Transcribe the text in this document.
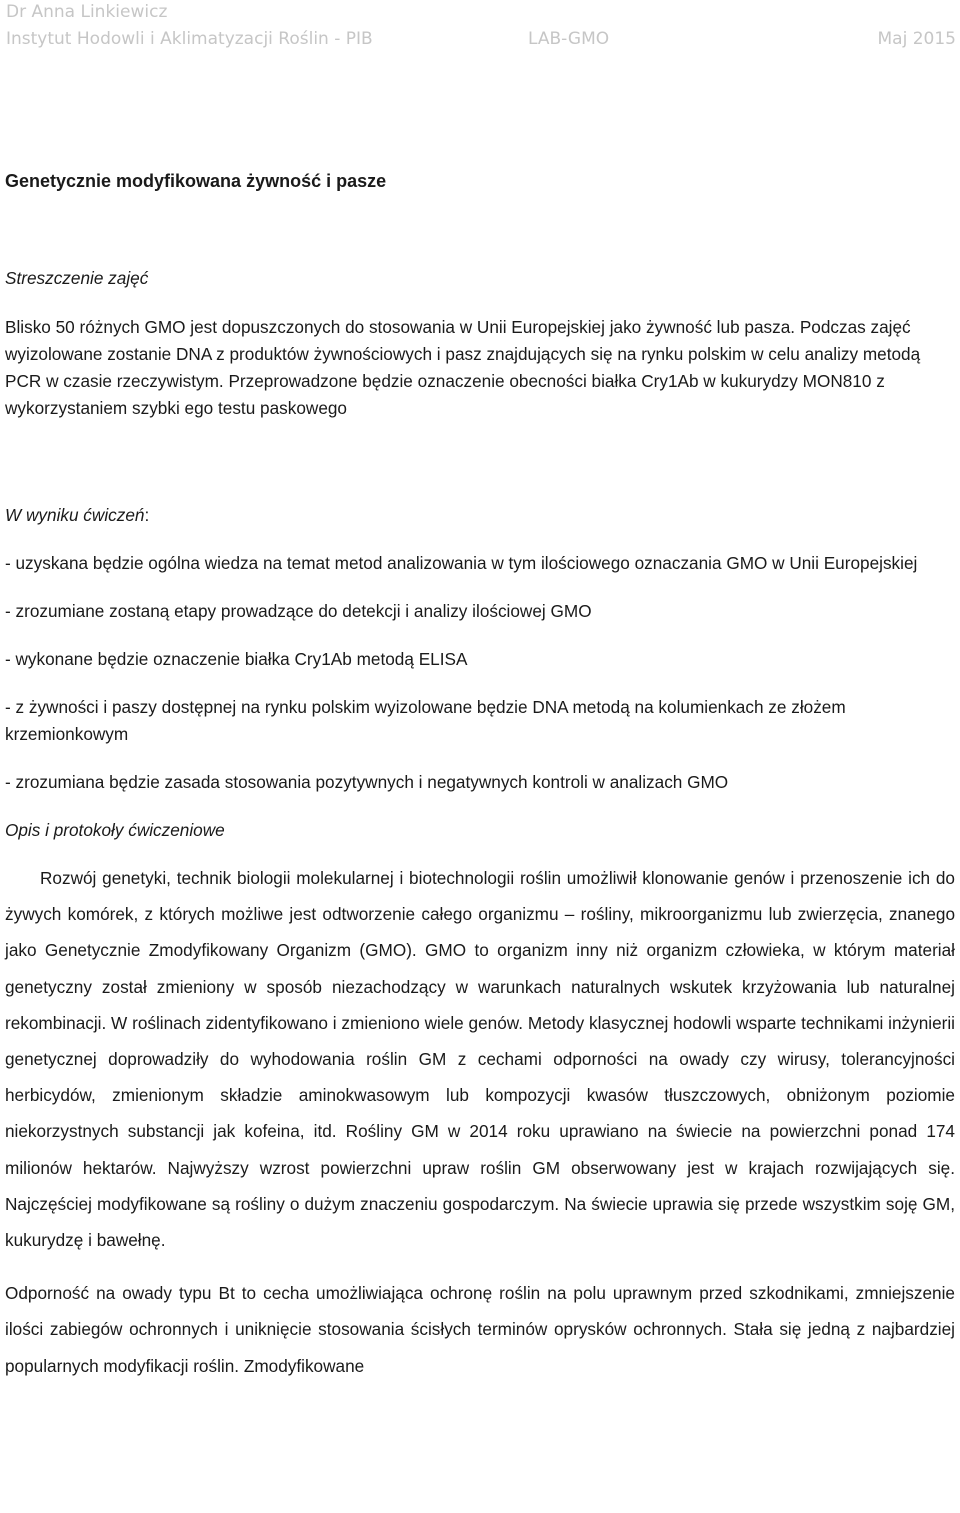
Dr Anna Linkiewicz
Instytut Hodowli i Aklimatyzacji Roślin - PIB	LAB-GMO	Maj 2015

Genetycznie modyfikowana żywność i pasze

Streszczenie zajęć

Blisko 50 różnych GMO jest dopuszczonych do stosowania w Unii Europejskiej jako żywność lub pasza. Podczas zajęć wyizolowane zostanie DNA z produktów żywnościowych i pasz znajdujących się na rynku polskim w celu analizy metodą PCR w czasie rzeczywistym. Przeprowadzone będzie oznaczenie obecności białka Cry1Ab w kukurydzy MON810 z wykorzystaniem szybki ego testu paskowego

W wyniku ćwiczeń:

- uzyskana będzie ogólna wiedza na temat metod analizowania w tym ilościowego oznaczania GMO w Unii Europejskiej

- zrozumiane zostaną etapy prowadzące do detekcji i analizy ilościowej GMO

- wykonane będzie oznaczenie białka Cry1Ab metodą ELISA

- z żywności i paszy dostępnej na rynku polskim wyizolowane będzie DNA metodą na kolumienkach ze złożem krzemionkowym

- zrozumiana będzie zasada stosowania pozytywnych i negatywnych kontroli w analizach GMO

Opis i protokoły ćwiczeniowe

Rozwój genetyki, technik biologii molekularnej i biotechnologii roślin umożliwił klonowanie genów i przenoszenie ich do żywych komórek, z których możliwe jest odtworzenie całego organizmu – rośliny, mikroorganizmu lub zwierzęcia, znanego jako Genetycznie Zmodyfikowany Organizm (GMO). GMO to organizm inny niż organizm człowieka, w którym materiał genetyczny został zmieniony w sposób niezachodzący w warunkach naturalnych wskutek krzyżowania lub naturalnej rekombinacji. W roślinach zidentyfikowano i zmieniono wiele genów. Metody klasycznej hodowli wsparte technikami inżynierii genetycznej doprowadziły do wyhodowania roślin GM z cechami odporności na owady czy wirusy, tolerancyjności herbicydów, zmienionym składzie aminokwasowym lub kompozycji kwasów tłuszczowych, obniżonym poziomie niekorzystnych substancji jak kofeina, itd. Rośliny GM w 2014 roku uprawiano na świecie na powierzchni ponad 174 milionów hektarów. Najwyższy wzrost powierzchni upraw roślin GM obserwowany jest w krajach rozwijających się. Najczęściej modyfikowane są rośliny o dużym znaczeniu gospodarczym. Na świecie uprawia się przede wszystkim soję GM, kukurydzę i bawełnę.

Odporność na owady typu Bt to cecha umożliwiająca ochronę roślin na polu uprawnym przed szkodnikami, zmniejszenie ilości zabiegów ochronnych i uniknięcie stosowania ścisłych terminów oprysków ochronnych. Stała się jedną z najbardziej popularnych modyfikacji roślin. Zmodyfikowane
